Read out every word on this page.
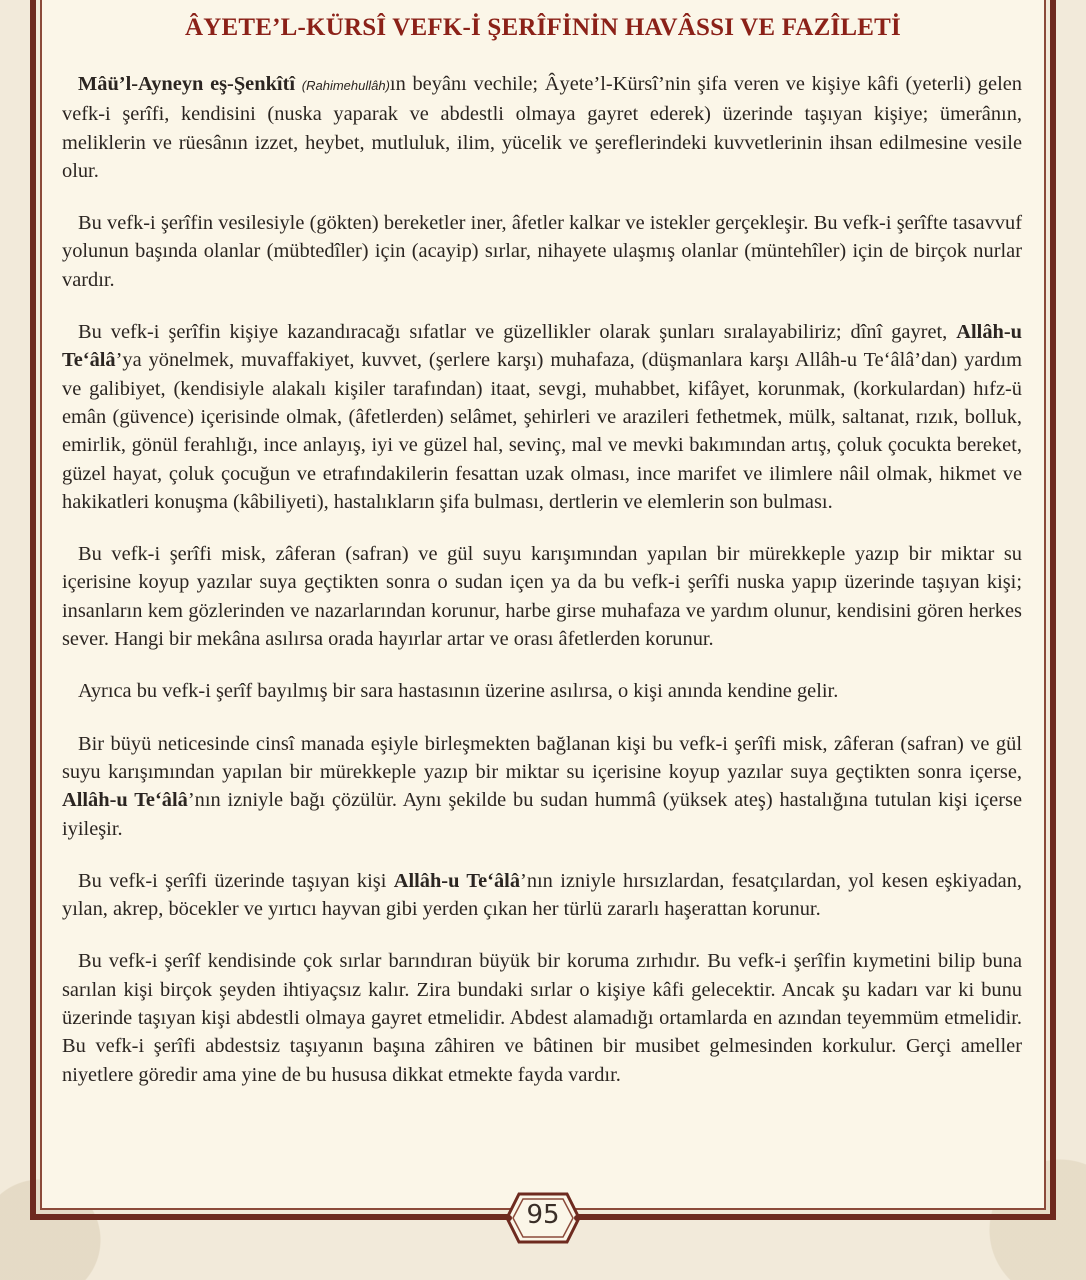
ÂYETE’L-KÜRSÎ VEFK-İ ŞERÎFİNİN HAVÂSSI VE FAZÎLETİ

Mâü’l-Ayneyn eş-Şenkîtî (Rahimehullâh)ın beyânı vechile; Âyete’l-Kürsî’nin şifa veren ve kişiye kâfi (yeterli) gelen vefk-i şerîfi, kendisini (nuska yaparak ve abdestli olmaya gayret ederek) üzerinde taşıyan kişiye; ümerânın, meliklerin ve rüesânın izzet, heybet, mutluluk, ilim, yücelik ve şereflerindeki kuvvetlerinin ihsan edilmesine vesile olur.

Bu vefk-i şerîfin vesilesiyle (gökten) bereketler iner, âfetler kalkar ve istekler gerçekleşir. Bu vefk-i şerîfte tasavvuf yolunun başında olanlar (mübtedîler) için (acayip) sırlar, nihayete ulaşmış olanlar (müntehîler) için de birçok nurlar vardır.

Bu vefk-i şerîfin kişiye kazandıracağı sıfatlar ve güzellikler olarak şunları sıralayabiliriz; dînî gayret, Allâh-u Te‘âlâ’ya yönelmek, muvaffakiyet, kuvvet, (şerlere karşı) muhafaza, (düşmanlara karşı Allâh-u Te‘âlâ’dan) yardım ve galibiyet, (kendisiyle alakalı kişiler tarafından) itaat, sevgi, muhabbet, kifâyet, korunmak, (korkulardan) hıfz-ü emân (güvence) içerisinde olmak, (âfetlerden) selâmet, şehirleri ve arazileri fethetmek, mülk, saltanat, rızık, bolluk, emirlik, gönül ferahlığı, ince anlayış, iyi ve güzel hal, sevinç, mal ve mevki bakımından artış, çoluk çocukta bereket, güzel hayat, çoluk çocuğun ve etrafındakilerin fesattan uzak olması, ince marifet ve ilimlere nâil olmak, hikmet ve hakikatleri konuşma (kâbiliyeti), hastalıkların şifa bulması, dertlerin ve elemlerin son bulması.

Bu vefk-i şerîfi misk, zâferan (safran) ve gül suyu karışımından yapılan bir mürekkeple yazıp bir miktar su içerisine koyup yazılar suya geçtikten sonra o sudan içen ya da bu vefk-i şerîfi nuska yapıp üzerinde taşıyan kişi; insanların kem gözlerinden ve nazarlarından korunur, harbe girse muhafaza ve yardım olunur, kendisini gören herkes sever. Hangi bir mekâna asılırsa orada hayırlar artar ve orası âfetlerden korunur.

Ayrıca bu vefk-i şerîf bayılmış bir sara hastasının üzerine asılırsa, o kişi anında kendine gelir.

Bir büyü neticesinde cinsî manada eşiyle birleşmekten bağlanan kişi bu vefk-i şerîfi misk, zâferan (safran) ve gül suyu karışımından yapılan bir mürekkeple yazıp bir miktar su içerisine koyup yazılar suya geçtikten sonra içerse, Allâh-u Te‘âlâ’nın izniyle bağı çözülür. Aynı şekilde bu sudan hummâ (yüksek ateş) hastalığına tutulan kişi içerse iyileşir.

Bu vefk-i şerîfi üzerinde taşıyan kişi Allâh-u Te‘âlâ’nın izniyle hırsızlardan, fesatçılardan, yol kesen eşkiyadan, yılan, akrep, böcekler ve yırtıcı hayvan gibi yerden çıkan her türlü zararlı haşerattan korunur.

Bu vefk-i şerîf kendisinde çok sırlar barındıran büyük bir koruma zırhıdır. Bu vefk-i şerîfin kıymetini bilip buna sarılan kişi birçok şeyden ihtiyaçsız kalır. Zira bundaki sırlar o kişiye kâfi gelecektir. Ancak şu kadarı var ki bunu üzerinde taşıyan kişi abdestli olmaya gayret etmelidir. Abdest alamadığı ortamlarda en azından teyemmüm etmelidir. Bu vefk-i şerîfi abdestsiz taşıyanın başına zâhiren ve bâtinen bir musibet gelmesinden korkulur. Gerçi ameller niyetlere göredir ama yine de bu hususa dikkat etmekte fayda vardır.

95
